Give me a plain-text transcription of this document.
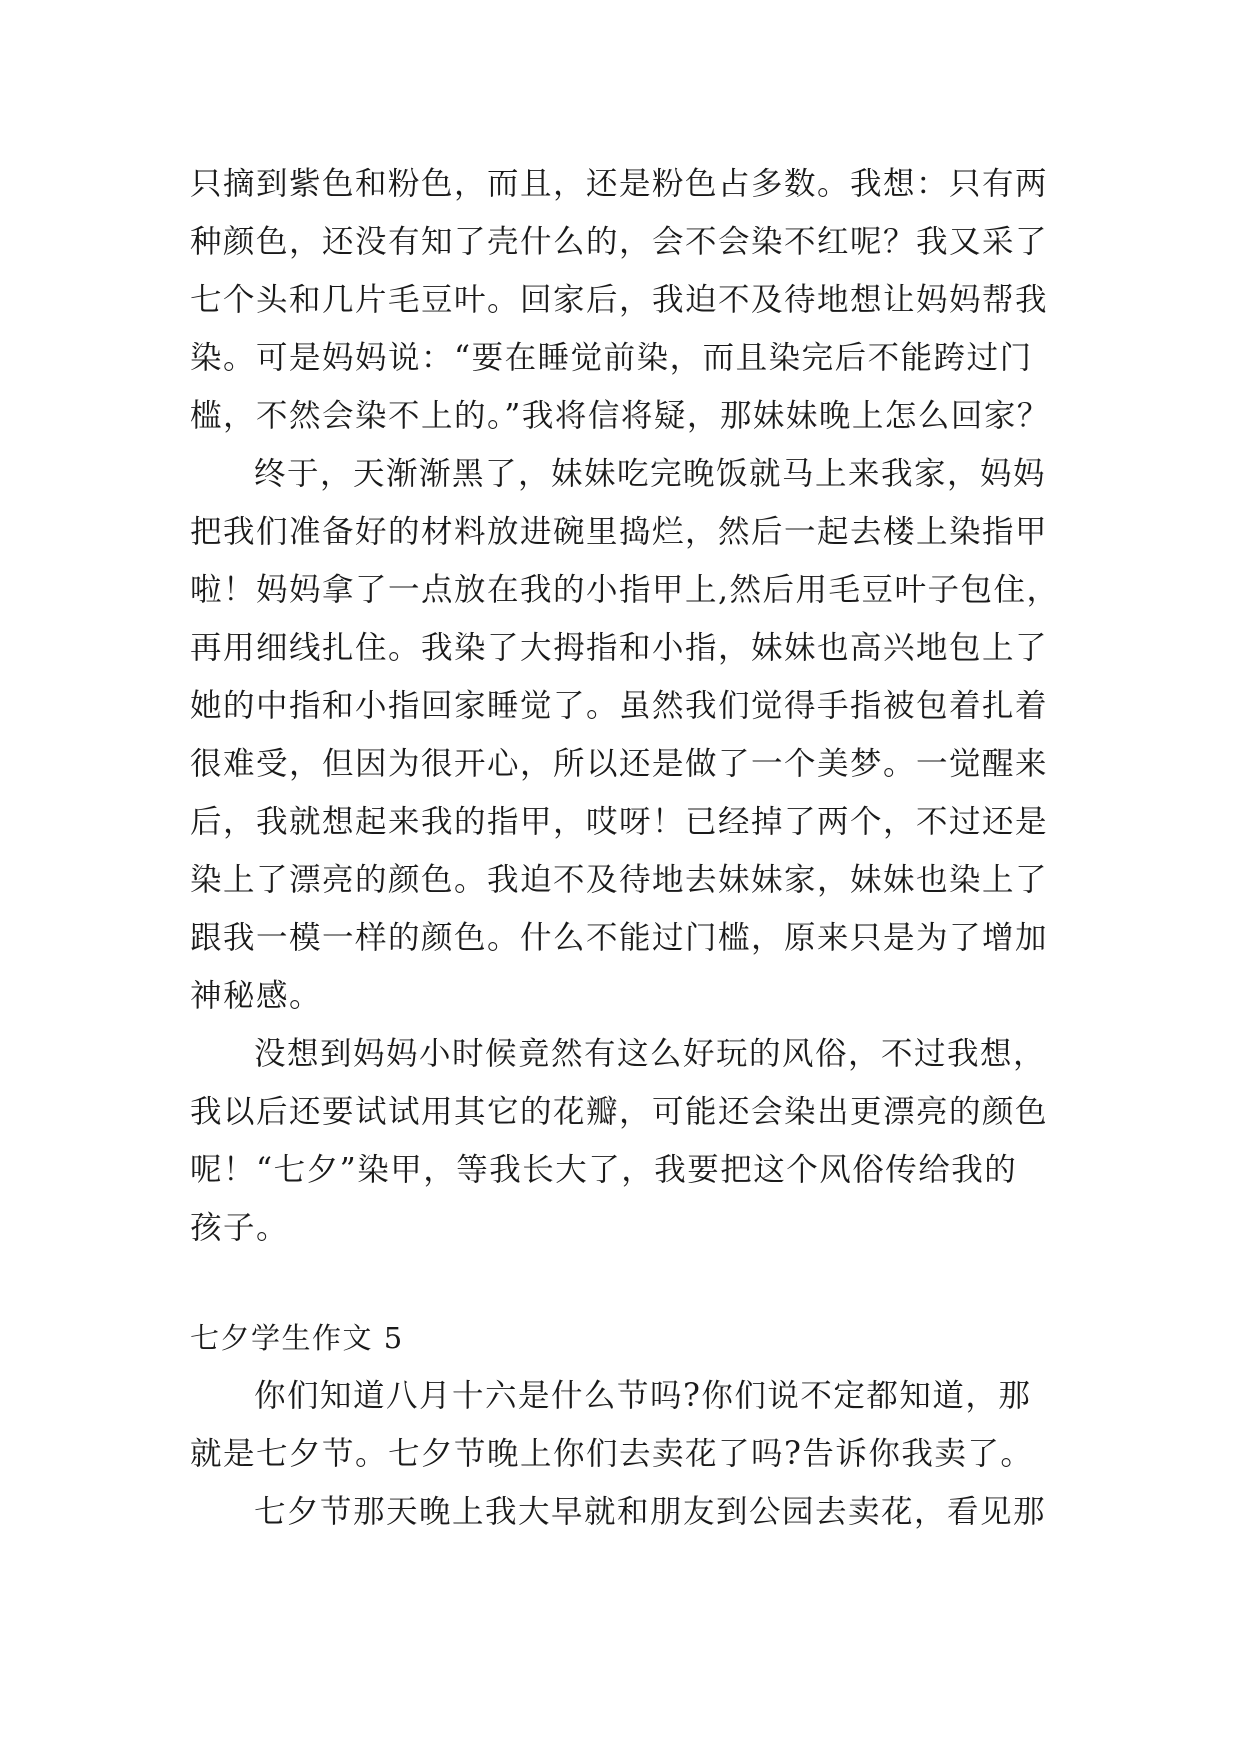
只摘到紫色和粉色，而且，还是粉色占多数。我想：只有两
种颜色，还没有知了壳什么的，会不会染不红呢？我又采了
七个头和几片毛豆叶。回家后，我迫不及待地想让妈妈帮我
染。可是妈妈说：“要在睡觉前染，而且染完后不能跨过门
槛，不然会染不上的。”我将信将疑，那妹妹晚上怎么回家？
终于，天渐渐黑了，妹妹吃完晚饭就马上来我家，妈妈
把我们准备好的材料放进碗里捣烂，然后一起去楼上染指甲
啦！妈妈拿了一点放在我的小指甲上,然后用毛豆叶子包住，
再用细线扎住。我染了大拇指和小指，妹妹也高兴地包上了
她的中指和小指回家睡觉了。虽然我们觉得手指被包着扎着
很难受，但因为很开心，所以还是做了一个美梦。一觉醒来
后，我就想起来我的指甲，哎呀！已经掉了两个，不过还是
染上了漂亮的颜色。我迫不及待地去妹妹家，妹妹也染上了
跟我一模一样的颜色。什么不能过门槛，原来只是为了增加
神秘感。
没想到妈妈小时候竟然有这么好玩的风俗，不过我想，
我以后还要试试用其它的花瓣，可能还会染出更漂亮的颜色
呢！“七夕”染甲，等我长大了，我要把这个风俗传给我的
孩子。
七夕学生作文 5
你们知道八月十六是什么节吗?你们说不定都知道，那
就是七夕节。七夕节晚上你们去卖花了吗?告诉你我卖了。
七夕节那天晚上我大早就和朋友到公园去卖花，看见那
